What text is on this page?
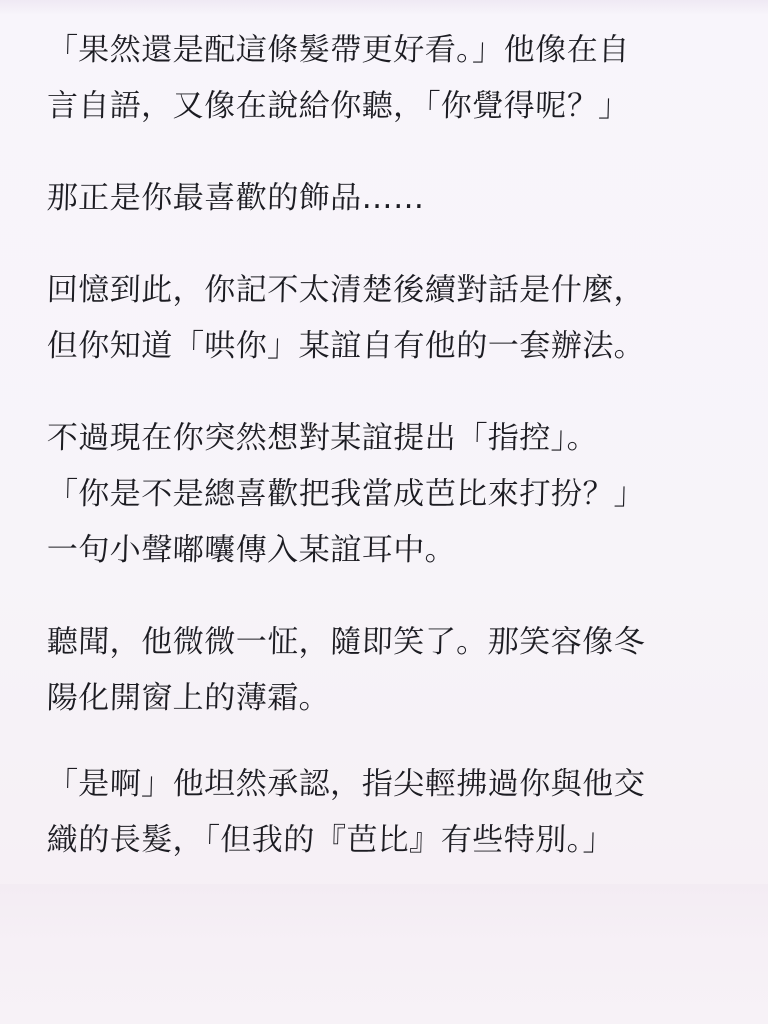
「果然還是配這條髮帶更好看。」他像在自
言自語，又像在說給你聽，「你覺得呢？」
那正是你最喜歡的飾品……
回憶到此，你記不太清楚後續對話是什麼，
但你知道「哄你」某誼自有他的一套辦法。
不過現在你突然想對某誼提出「指控」。
「你是不是總喜歡把我當成芭比來打扮？」
一句小聲嘟囔傳入某誼耳中。
聽聞，他微微一怔，隨即笑了。那笑容像冬
陽化開窗上的薄霜。
「是啊」他坦然承認，指尖輕拂過你與他交
織的長髮，「但我的『芭比』有些特別。」
